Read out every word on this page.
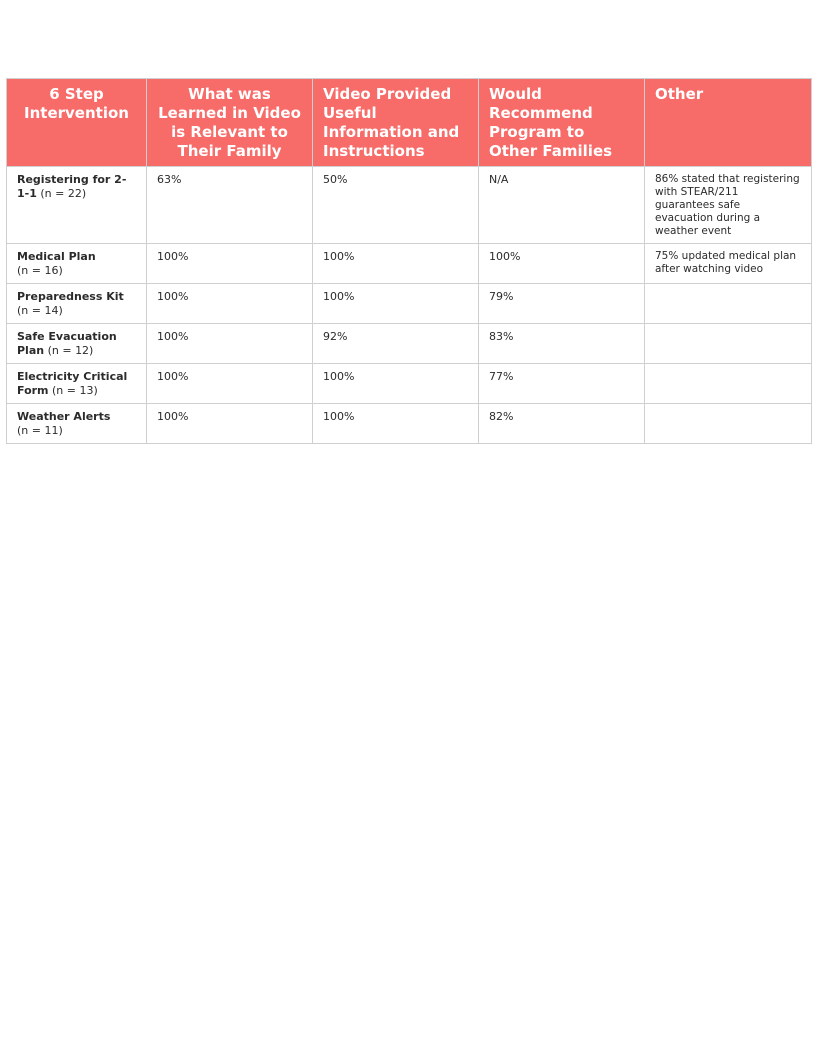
6 Step Intervention	What was Learned in Video is Relevant to Their Family	Video Provided Useful Information and Instructions	Would Recommend Program to Other Families	Other
Registering for 2-1-1 (n = 22)	63%	50%	N/A	86% stated that registering with STEAR/211 guarantees safe evacuation during a weather event
Medical Plan
(n = 16)	100%	100%	100%	75% updated medical plan after watching video
Preparedness Kit
(n = 14)	100%	100%	79%	
Safe Evacuation Plan (n = 12)	100%	92%	83%	
Electricity Critical Form (n = 13)	100%	100%	77%	
Weather Alerts
(n = 11)	100%	100%	82%	
